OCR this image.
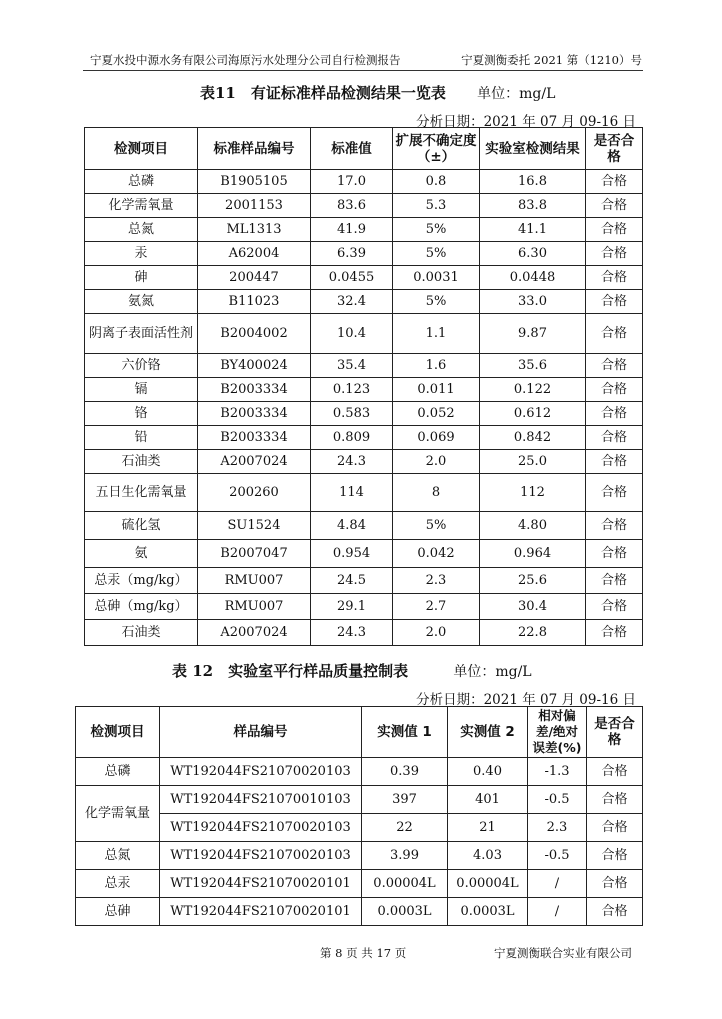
宁夏水投中源水务有限公司海原污水处理分公司自行检测报告	宁夏测衡委托 2021 第（1210）号
表11　有证标准样品检测结果一览表 单位：mg/L
分析日期：2021 年 07 月 09-16 日
检测项目	标准样品编号	标准值	扩展不确定度（±）	实验室检测结果	是否合格
总磷	B1905105	17.0	0.8	16.8	合格
化学需氧量	2001153	83.6	5.3	83.8	合格
总氮	ML1313	41.9	5%	41.1	合格
汞	A62004	6.39	5%	6.30	合格
砷	200447	0.0455	0.0031	0.0448	合格
氨氮	B11023	32.4	5%	33.0	合格
阴离子表面活性剂	B2004002	10.4	1.1	9.87	合格
六价铬	BY400024	35.4	1.6	35.6	合格
镉	B2003334	0.123	0.011	0.122	合格
铬	B2003334	0.583	0.052	0.612	合格
铅	B2003334	0.809	0.069	0.842	合格
石油类	A2007024	24.3	2.0	25.0	合格
五日生化需氧量	200260	114	8	112	合格
硫化氢	SU1524	4.84	5%	4.80	合格
氨	B2007047	0.954	0.042	0.964	合格
总汞（mg/kg）	RMU007	24.5	2.3	25.6	合格
总砷（mg/kg）	RMU007	29.1	2.7	30.4	合格
石油类	A2007024	24.3	2.0	22.8	合格
表 12　实验室平行样品质量控制表	单位：mg/L
分析日期：2021 年 07 月 09-16 日
检测项目	样品编号	实测值 1	实测值 2	相对偏差/绝对误差(%)	是否合格
总磷	WT192044FS21070020103	0.39	0.40	-1.3	合格
化学需氧量	WT192044FS21070010103	397	401	-0.5	合格
	WT192044FS21070020103	22	21	2.3	合格
总氮	WT192044FS21070020103	3.99	4.03	-0.5	合格
总汞	WT192044FS21070020101	0.00004L	0.00004L	/	合格
总砷	WT192044FS21070020101	0.0003L	0.0003L	/	合格
第 8 页 共 17 页	宁夏测衡联合实业有限公司
